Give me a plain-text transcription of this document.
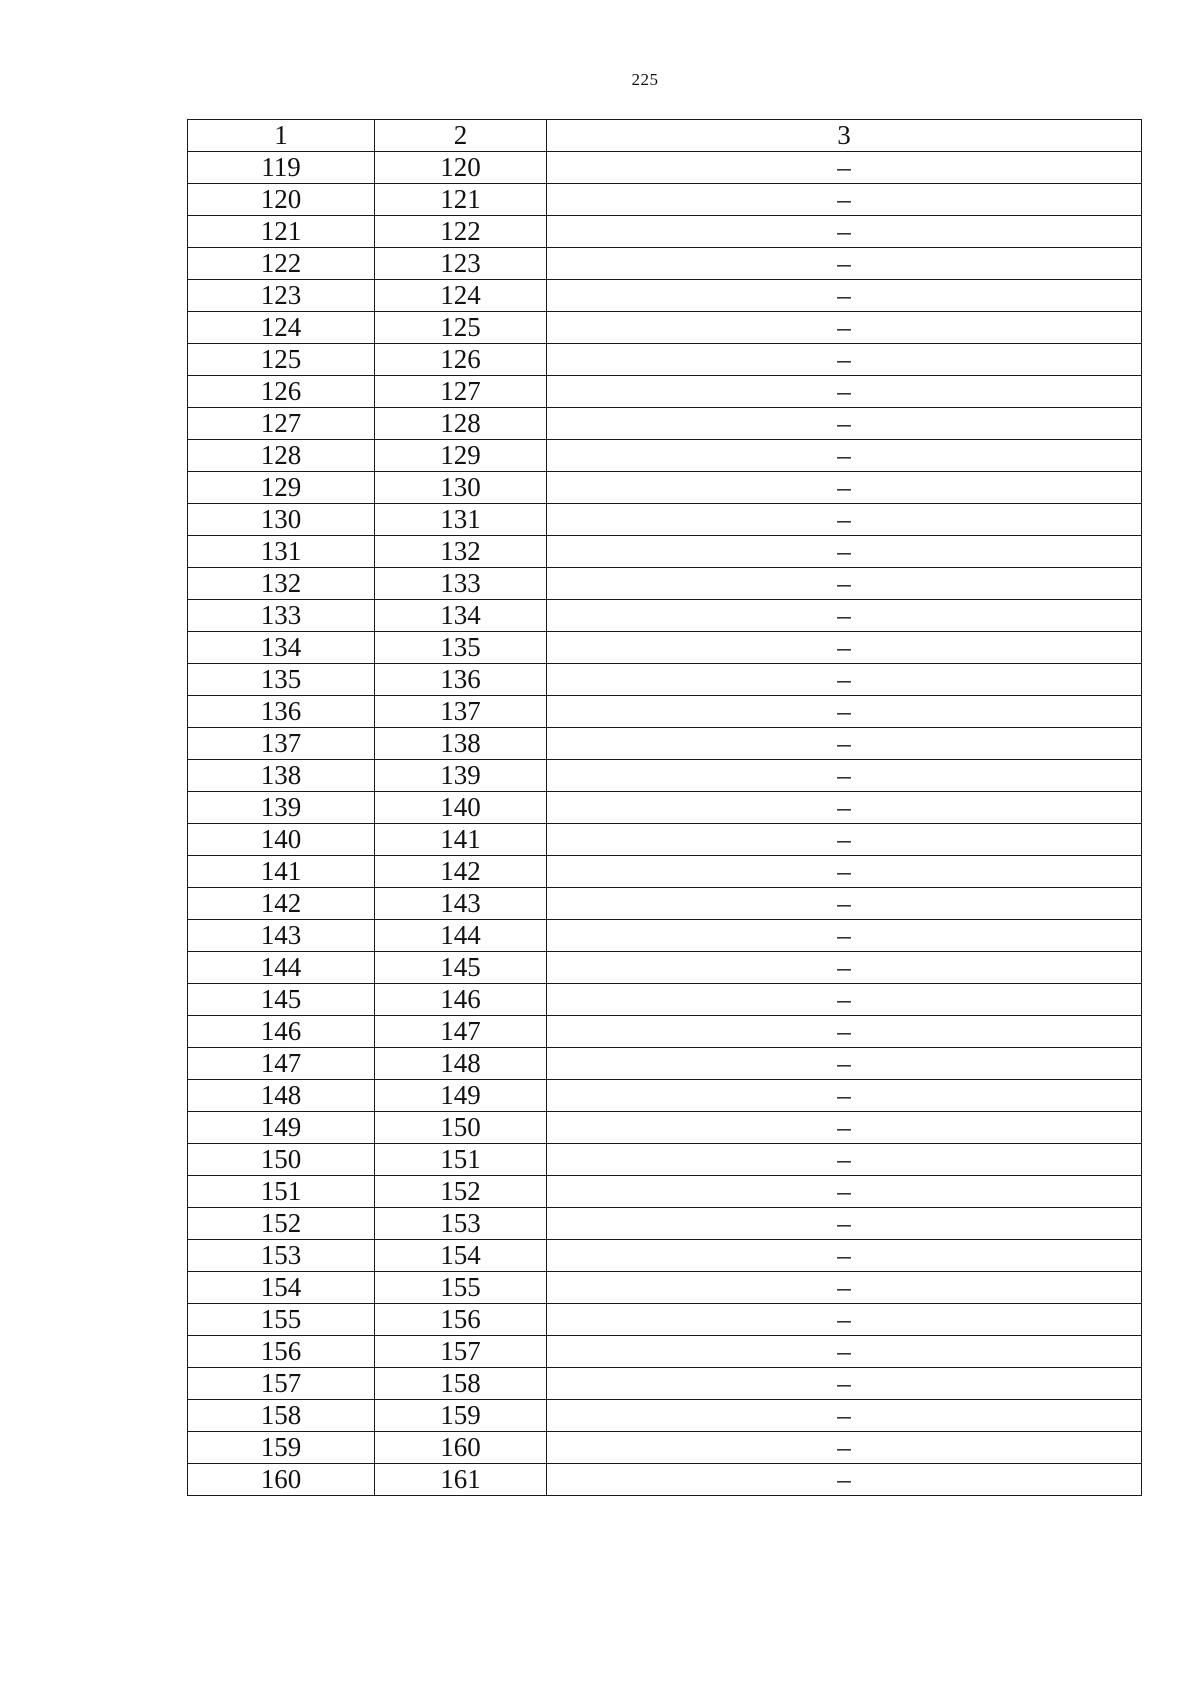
225
1	2	3
119	120	–
120	121	–
121	122	–
122	123	–
123	124	–
124	125	–
125	126	–
126	127	–
127	128	–
128	129	–
129	130	–
130	131	–
131	132	–
132	133	–
133	134	–
134	135	–
135	136	–
136	137	–
137	138	–
138	139	–
139	140	–
140	141	–
141	142	–
142	143	–
143	144	–
144	145	–
145	146	–
146	147	–
147	148	–
148	149	–
149	150	–
150	151	–
151	152	–
152	153	–
153	154	–
154	155	–
155	156	–
156	157	–
157	158	–
158	159	–
159	160	–
160	161	–
